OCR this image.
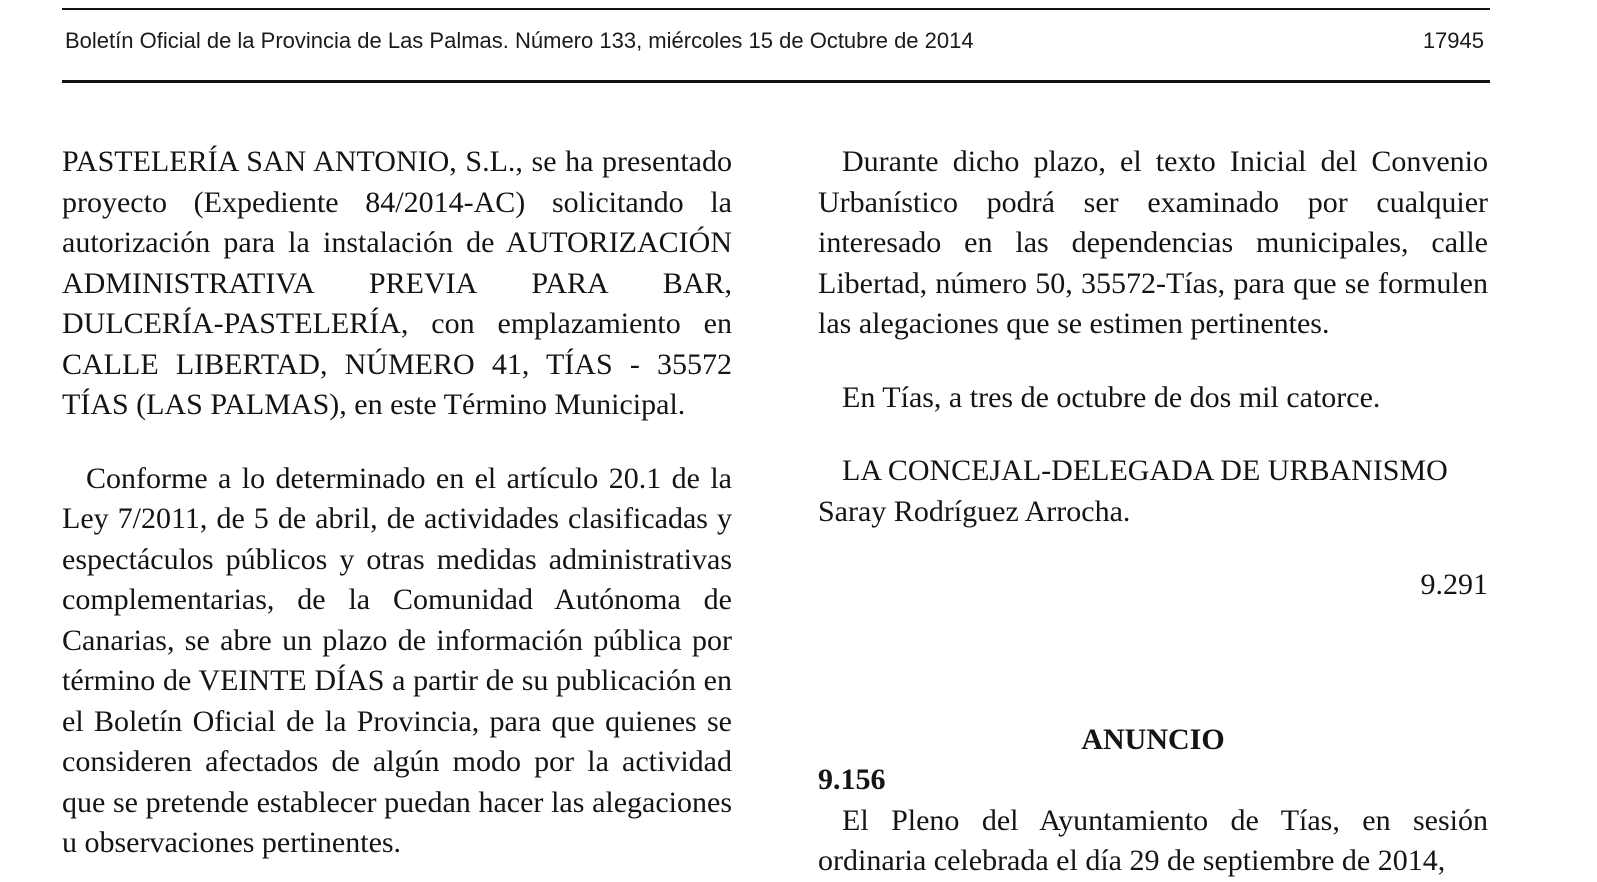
Boletín Oficial de la Provincia de Las Palmas. Número 133, miércoles 15 de Octubre de 2014	17945

PASTELERÍA SAN ANTONIO, S.L., se ha presentado proyecto (Expediente 84/2014-AC) solicitando la autorización para la instalación de AUTORIZACIÓN ADMINISTRATIVA PREVIA PARA BAR, DULCERÍA-PASTELERÍA, con emplazamiento en CALLE LIBERTAD, NÚMERO 41, TÍAS - 35572 TÍAS (LAS PALMAS), en este Término Municipal.

Conforme a lo determinado en el artículo 20.1 de la Ley 7/2011, de 5 de abril, de actividades clasificadas y espectáculos públicos y otras medidas administrativas complementarias, de la Comunidad Autónoma de Canarias, se abre un plazo de información pública por término de VEINTE DÍAS a partir de su publicación en el Boletín Oficial de la Provincia, para que quienes se consideren afectados de algún modo por la actividad que se pretende establecer puedan hacer las alegaciones u observaciones pertinentes.

Durante dicho plazo, el texto Inicial del Convenio Urbanístico podrá ser examinado por cualquier interesado en las dependencias municipales, calle Libertad, número 50, 35572-Tías, para que se formulen las alegaciones que se estimen pertinentes.

En Tías, a tres de octubre de dos mil catorce.

LA CONCEJAL-DELEGADA DE URBANISMO

Saray Rodríguez Arrocha.

9.291

ANUNCIO

9.156

El Pleno del Ayuntamiento de Tías, en sesión ordinaria celebrada el día 29 de septiembre de 2014,
